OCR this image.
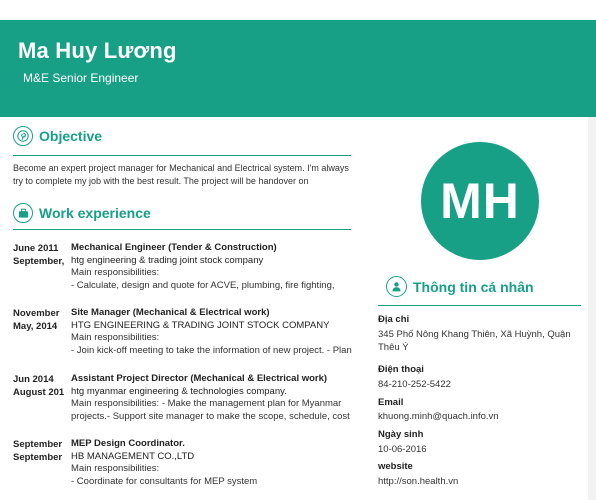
Ma Huy Lương
M&E Senior Engineer
Objective
Become an expert project manager for Mechanical and Electrical system. I'm always try to complete my job with the best result. The project will be handover on
Work experience
June 2011 September,
Mechanical Engineer (Tender & Construction)
htg engineering & trading joint stock company
Main responsibilities:
- Calculate, design and quote for ACVE, plumbing, fire fighting,
November May, 2014
Site Manager (Mechanical & Electrical work)
HTG ENGINEERING & TRADING JOINT STOCK COMPANY
Main responsibilities:
- Join kick-off meeting to take the information of new project. - Plan
Jun 2014 August 201
Assistant Project Director (Mechanical & Electrical work)
htg myanmar engineering & technologies company.
Main responsibilities: - Make the management plan for Myanmar
projects.- Support site manager to make the scope, schedule, cost
September September
MEP Design Coordinator.
HB MANAGEMENT CO.,LTD
Main responsibilities:
- Coordinate for consultants for MEP system
MH
Thông tin cá nhân
Địa chỉ
345 Phố Nông Khang Thiên, Xã Huỳnh, Quận Thêu Ý
Điện thoại
84-210-252-5422
Email
khuong.minh@quach.info.vn
Ngày sinh
10-06-2016
website
http://son.health.vn
